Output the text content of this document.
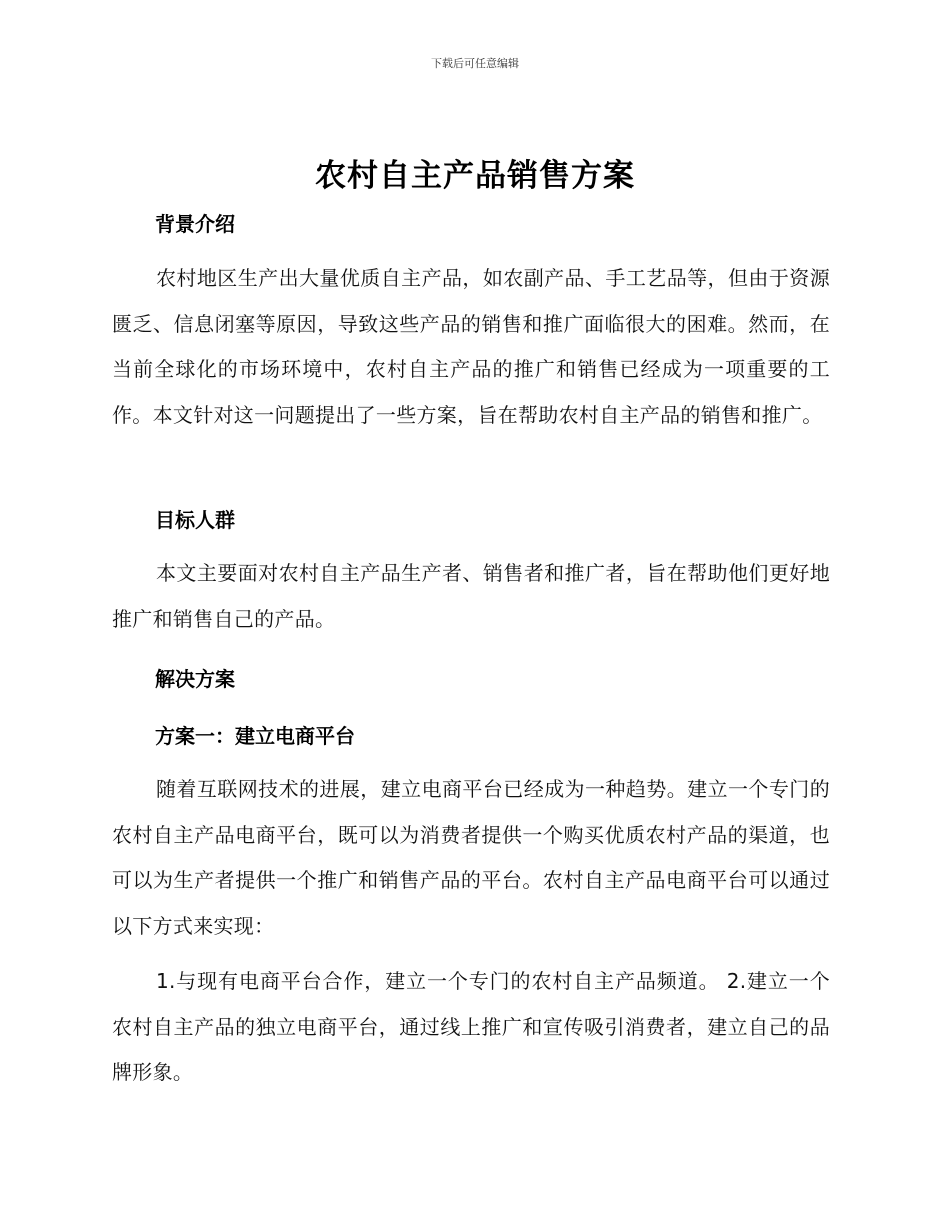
下载后可任意编辑
农村自主产品销售方案
背景介绍
农村地区生产出大量优质自主产品，如农副产品、手工艺品等，但由于资源匮乏、信息闭塞等原因，导致这些产品的销售和推广面临很大的困难。然而，在当前全球化的市场环境中，农村自主产品的推广和销售已经成为一项重要的工作。本文针对这一问题提出了一些方案，旨在帮助农村自主产品的销售和推广。
目标人群
本文主要面对农村自主产品生产者、销售者和推广者，旨在帮助他们更好地推广和销售自己的产品。
解决方案
方案一：建立电商平台
随着互联网技术的进展，建立电商平台已经成为一种趋势。建立一个专门的农村自主产品电商平台，既可以为消费者提供一个购买优质农村产品的渠道，也可以为生产者提供一个推广和销售产品的平台。农村自主产品电商平台可以通过以下方式来实现：
1.与现有电商平台合作，建立一个专门的农村自主产品频道。 2.建立一个农村自主产品的独立电商平台，通过线上推广和宣传吸引消费者，建立自己的品牌形象。
